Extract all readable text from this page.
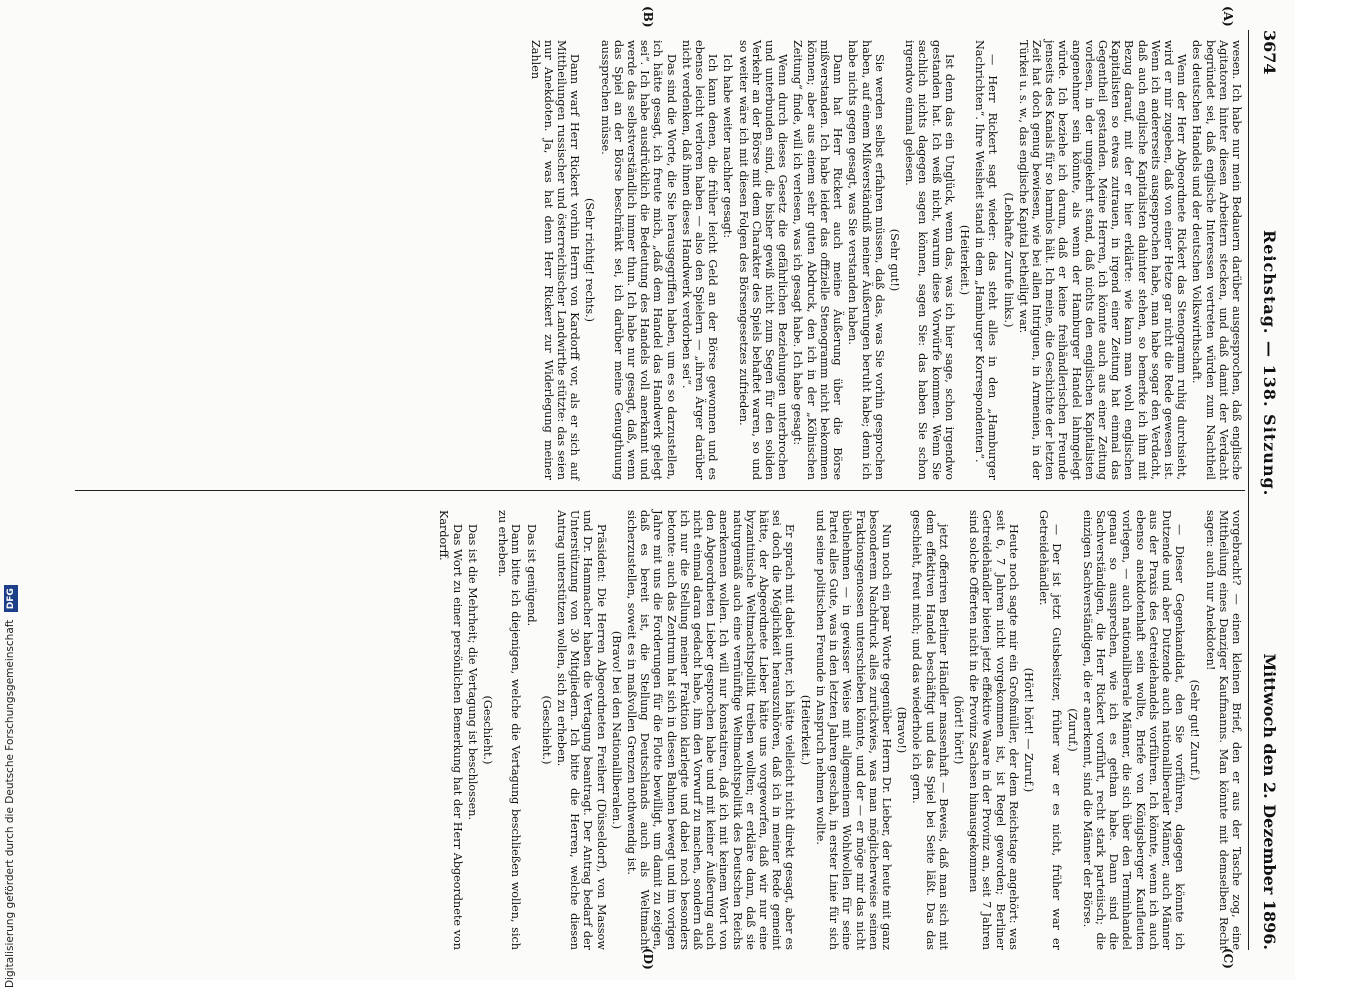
3674
Reichstag. — 138. Sitzung.
Mittwoch den 2. Dezember 1896.
(A)
(B)
(C)
(D)

wesen. Ich habe nur mein Bedauern darüber ausgesprochen, daß englische Agitatoren hinter diesen Arbeitern stecken, und daß damit der Verdacht begründet sei, daß englische Interessen vertreten würden zum Nachtheil des deutschen Handels und der deutschen Volkswirthschaft.

Wenn der Herr Abgeordnete Rickert das Stenogramm ruhig durchsieht, wird er mir zugeben, daß von einer Hetze gar nicht die Rede gewesen ist. Wenn ich andererseits ausgesprochen habe, man habe sogar den Verdacht, daß auch englische Kapitalisten dahinter stehen, so bemerke ich ihm mit Bezug darauf, mit der er hier erklärte: wie kann man wohl englischen Kapitalisten so etwas zutrauen, in irgend einer Zeitung hat einmal das Gegentheil gestanden. Meine Herren, ich könnte auch aus einer Zeitung vorlesen, in der umgekehrt stand, daß nichts den englischen Kapitalisten angenehmer sein könnte, als wenn der Hamburger Handel lahmgelegt würde. Ich beziehe ich darum, daß er keine freihändlerischen Freunde jenseits des Kanals für so harmlos hält. Ich meine, die Geschichte der letzten Zeit hat doch genug bewiesen, wie bei allen Intriguen, in Armenien, in der Türkei u. s. w., das englische Kapital betheiligt war.

(Lebhafte Zurufe links.)

— Herr Rickert sagt wieder: das steht alles in den „Hamburger Nachrichten“. Ihre Weisheit stand in dem „Hamburger Korrespondenten“.

(Heiterkeit.)

Ist denn das ein Unglück, wenn das, was ich hier sage, schon irgendwo gestanden hat. Ich weiß nicht, warum diese Vorwürfe kommen. Wenn Sie sachlich nichts dagegen sagen können, sagen Sie: das haben Sie schon irgendwo einmal gelesen.

(Sehr gut!)

Sie werden selbst erfahren müssen, daß das, was Sie vorhin gesprochen haben, auf einem Mißverständniß meiner Äußerungen beruht habe; denn ich habe nichts gegen gesagt, was Sie verstanden haben.

Dann hat Herr Rickert auch meine Äußerung über die Börse mißverstanden. Ich habe leider das offizielle Stenogramm nicht bekommen können; aber aus einem sehr guten Abdruck, den ich in der „Kölnischen Zeitung“ finde, will ich verlesen, was ich gesagt habe. Ich habe gesagt:

Wenn durch dieses Gesetz die gefährlichen Beziehungen unterbrochen und unterbunden sind, die bisher gewiß nicht zum Segen für den soliden Verkehr an der Börse mit dem Charakter des Spiels behaftet waren, so und so weiter wäre ich mit diesen Folgen des Börsengesetzes zufrieden.

Ich habe weiter nachher gesagt:

Ich kann denen, die früher leicht Geld an der Börse gewonnen und es ebenso leicht verloren haben — also den Spielern — „ihren Ärger darüber nicht verdenken, daß ihnen dieses Handwerk verdorben sei“.

Das sind die Worte, die Sie herausgegriffen haben, um es so darzustellen, ich hätte gesagt, ich freute mich, „daß dem Handel das Handwerk gelegt sei“. Ich habe ausdrücklich die Bedeutung des Handels voll anerkannt und werde das selbstverständlich immer thun. Ich habe nur gesagt, daß, wenn das Spiel an der Börse beschränkt sei, ich darüber meine Genugthuung aussprechen müsse.

(Sehr richtig! rechts.)

Dann warf Herr Rickert vorhin Herrn von Kardorff vor, als er sich auf Mittheilungen russischer und österreichischer Landwirthe stützte: das seien nur Anekdoten. Ja, was hat denn Herr Rickert zur Widerlegung meiner Zahlen

vorgebracht? — einen kleinen Brief, den er aus der Tasche zog, eine Mittheilung eines Danziger Kaufmanns. Man könnte mit demselben Recht sagen: auch nur Anekdoten!

(Sehr gut! Zuruf.)

— Dieser Gegenkandidat, den Sie vorführen, dagegen könnte ich Dutzende und aber Dutzende auch nationalliberaler Männer, auch Männer aus der Praxis des Getreidehandels vorführen. Ich könnte, wenn ich auch ebenso anekdotenhaft sein wollte, Briefe von Königsberger Kaufleuten vorlegen, — auch nationalliberale Männer, die sich über den Terminhandel genau so aussprechen, wie ich es gethan habe. Dann sind die Sachverständigen, die Herr Rickert vorführt, recht stark parteiisch; die einzigen Sachverständigen, die er anerkennt, sind die Männer der Börse.

(Zuruf.)

— Der ist jetzt Gutsbesitzer, früher war er es nicht, früher war er Getreidehändler.

(Hört! hört! — Zuruf.)

Heute noch sagte mir ein Großmüller, der dem Reichstage angehört: was seit 6, 7 Jahren nicht vorgekommen ist, ist Regel geworden; Berliner Getreidehändler bieten jetzt effektive Waare in der Provinz an, seit 7 Jahren sind solche Offerten nicht in die Provinz Sachsen hinausgekommen

(hört! hört!)

jetzt offeriren Berliner Händler massenhaft — Beweis, daß man sich mit dem effektiven Handel beschäftigt und das Spiel bei Seite läßt. Das das geschieht, freut mich; und das wiederhole ich gern.

(Bravo!)

Nun noch ein paar Worte gegenüber Herrn Dr. Lieber, der heute mit ganz besonderem Nachdruck alles zurückwies, was man möglicherweise seinen Fraktionsgenossen unterschieben könnte, und der — er möge mir das nicht übelnehmen — in gewisser Weise mit allgemeinem Wohlwollen für seine Partei alles Gute, was in den letzten Jahren geschah, in erster Linie für sich und seine politischen Freunde in Anspruch nehmen wollte.

(Heiterkeit.)

Er sprach mit dabei unter, ich hätte vielleicht nicht direkt gesagt, aber es sei doch die Möglichkeit herauszuhören, daß ich in meiner Rede gemeint hätte, der Abgeordnete Lieber hätte uns vorgeworfen, daß wir nur eine byzantinische Weltmachtspolitik treiben wollten; er erkläre dann, daß sie naturgemäß auch eine vernünftige Weltmachtspolitik des Deutschen Reichs anerkennen wollen. Ich will nur konstatiren, daß ich mit keinem Wort von den Abgeordneten Lieber gesprochen habe und mit keiner Äußerung auch nicht einmal daran gedacht habe, ihm den Vorwurf zu machen, sondern daß ich nur die Stellung meiner Fraktion klarlegte und dabei noch besonders betonte: auch das Zentrum hat sich in diesen Bahnen bewegt und im vorigen Jahre mit uns die Forderungen für die Flotte bewilligt, um damit zu zeigen, daß es bereit ist, die Stellung Deutschlands auch als Weltmacht sicherzustellen, soweit es in maßvollen Grenzen nothwendig ist.

(Bravo! bei den Nationalliberalen.)

Präsident: Die Herren Abgeordneten Freiherr (Düsseldorf), von Massow und Dr. Hammacher haben die Vertagung beantragt. Der Antrag bedarf der Unterstützung von 30 Mitgliedern. Ich bitte die Herren, welche diesen Antrag unterstützen wollen, sich zu erheben.

(Geschieht.)

Das ist genügend.

Dann bitte ich diejenigen, welche die Vertagung beschließen wollen, sich zu erheben.

(Geschieht.)

Das ist die Mehrheit; die Vertagung ist beschlossen.

Das Wort zu einer persönlichen Bemerkung hat der Herr Abgeordnete von Kardorff.

Digitalisierung gefördert durch die Deutsche Forschungsgemeinschaft DFG
